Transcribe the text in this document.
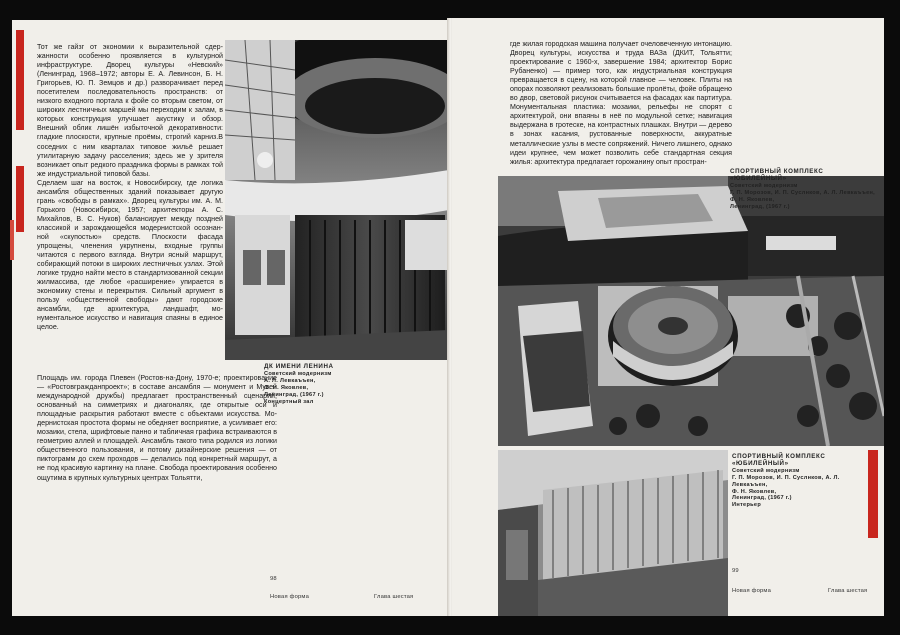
Тот же гайзг от экономии к выразительной сдержанности особенно проявляется в культурной инфраструктуре. Дворец культуры «Невский» (Ленинград, 1968–1972; авторы Е. А. Левинсон, Б. Н. Григорьев, Ю. П. Земцов и др.) разворачивает перед посетителем последовательность пространств: от низкого входного портала к фойе со вторым светом, от широких лестничных маршей мы переходим к залам, в которых конструкция улучшает акустику и обзор. Внешний облик лишён избыточной декоративности: гладкие плоскости, крупные проёмы, строгий карниз.В соседних с ним кварталах типовое жильё решает утилитарную задачу расселения; здесь же у зрителя возникает опыт редкого праздника формы в рамках той же индустриальной типовой базы.

Сделаем шаг на восток, к Новосибирску, где логика ансамбля общественных зданий показывает другую грань «свободы в рамках». Дворец культуры им. А. М. Горького (Новосибирск, 1957; архитекторы А. С. Михайлов, В. С. Нуков) балансирует между поздней классикой и зарождающейся модернистской осознанной «скупостью» средств. Плоскости фасада упрощены, членения укрупнены, входные группы читаются с первого взгляда. Внутри ясный маршрут, собирающий потоки в широких лестничных узлах. Этой логике трудно найти место в стандартизованной секции жилмассива, где любое «расширение» упирается в экономику стены и перекрытия. Сильный аргумент в пользу «общественной свободы» дают городские ансамбли, где архитектура, ландшафт, монументальное искусство и навигация спаяны в единое целое.

Площадь им. города Плевен (Ростов-на-Дону, 1970-е; проектирование — «Ростовгражданпроект»; в составе ансамбля — монумент и Музей международной дружбы) предлагает пространственный сценарий, основанный на симметриях и диагоналях, где открытые оси и площадные раскрытия работают вместе с объектами искусства. Модернистская простота формы не обедняет восприятие, а усиливает его: мозаики, стела, шрифтовые панно и табличная графика встраиваются в геометрию аллей и площадей. Ансамбль такого типа родился из логики общественного пользования, и потому дизайнерские решения — от пиктограмм до схем проходов — делались под конкретный маршрут, а не под красивую картинку на плане. Свобода проектирования особенно ощутима в крупных культурных центрах Тольятти,

ДК ИМЕНИ ЛЕНИНА
Советский модернизм
А. Л. Левкаъъен,
Ф. Н. Яковлев,
Ленинград, (1967 г.)
Концертный зал
98
Новая форма	Глава шестая

где жилая городская машина получает очеловеченную интонацию. Дворец культуры, искусства и труда ВАЗа (ДКИТ, Тольятти; проектирование с 1960-х, завершение 1984; архитектор Борис Рубаненко) — пример того, как индустриальная конструкция превращается в сцену, на которой главное — человек. Плиты на опорах позволяют реализовать большие пролёты, фойе обращено во двор, световой рисунок считывается на фасадах как партитура. Монументальная пластика: мозаики, рельефы не спорят с архитектурой, они впаяны в неё по модульной сетке; навигация выдержана в гротеске, на контрастных плашках. Внутри — дерево в зонах касания, рустованные поверхности, аккуратные металлические узлы в месте сопряжений. Ничего лишнего, однако идеи крупнее, чем может позволить себе стандартная секция жилья: архитектура предлагает горожанину опыт простран-

СПОРТИВНЫЙ КОМПЛЕКС «ЮБИЛЕЙНЫЙ»
Советский модернизм
Г. П. Морозов, И. П. Суслнков, А. Л. Левкаъъен,
Ф. Н. Яковлев,
Ленинград, (1967 г.)
СПОРТИВНЫЙ КОМПЛЕКС «ЮБИЛЕЙНЫЙ»
Советский модернизм
Г. П. Морозов, И. П. Суслнков, А. Л. Левкаъъен,
Ф. Н. Яковлев,
Ленинград, (1967 г.)
Интерьер
99
Новая форма	Глава шестая
